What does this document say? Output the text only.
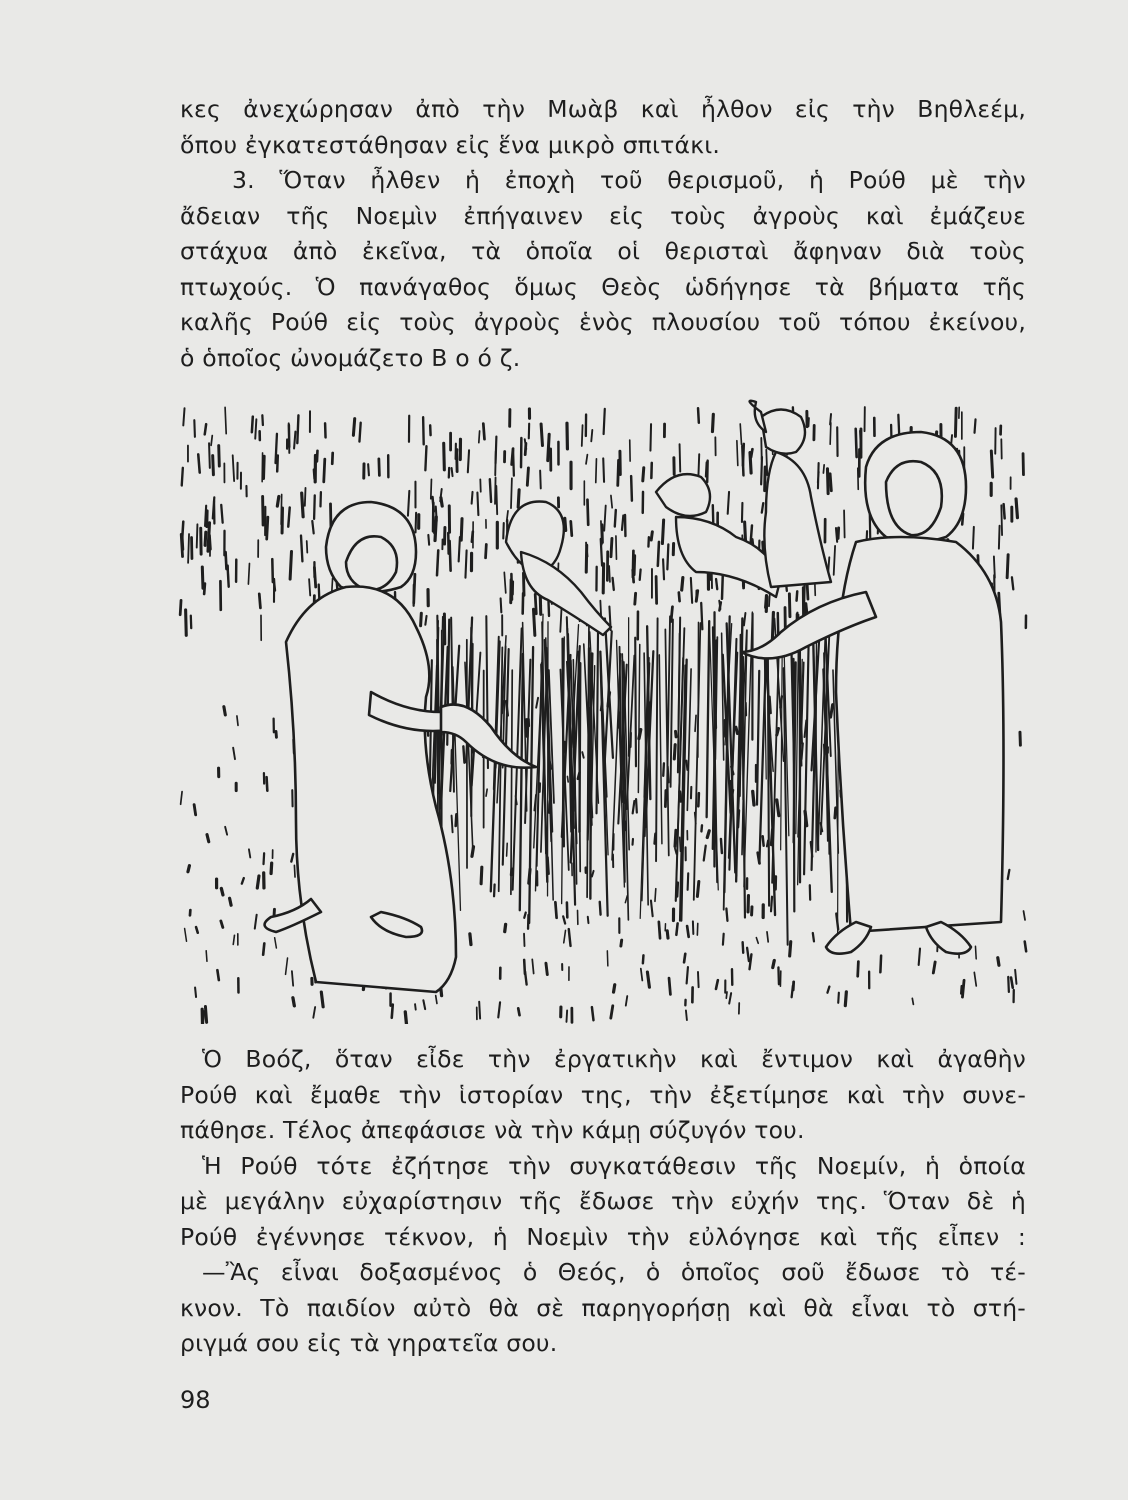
κες ἀνεχώρησαν ἀπὸ τὴν Μωὰβ καὶ ἦλθον εἰς τὴν Βηθλεέμ,
ὅπου ἐγκατεστάθησαν εἰς ἕνα μικρὸ σπιτάκι.
3. Ὅταν ἦλθεν ἡ ἐποχὴ τοῦ θερισμοῦ, ἡ Ρούθ μὲ τὴν
ἄδειαν τῆς Νοεμὶν ἐπήγαινεν εἰς τοὺς ἀγροὺς καὶ ἐμάζευε
στάχυα ἀπὸ ἐκεῖνα, τὰ ὁποῖα οἱ θερισταὶ ἄφηναν διὰ τοὺς
πτωχούς. Ὁ πανάγαθος ὅμως Θεὸς ὡδήγησε τὰ βήματα τῆς
καλῆς Ρούθ εἰς τοὺς ἀγροὺς ἑνὸς πλουσίου τοῦ τόπου ἐκείνου,
ὁ ὁποῖος ὠνομάζετο Β ο ό ζ.
Ὁ Βοόζ, ὅταν εἶδε τὴν ἐργατικὴν καὶ ἔντιμον καὶ ἀγαθὴν
Ρούθ καὶ ἔμαθε τὴν ἱστορίαν της, τὴν ἐξετίμησε καὶ τὴν συνε-
πάθησε. Τέλος ἀπεφάσισε νὰ τὴν κάμῃ σύζυγόν του.
Ἡ Ρούθ τότε ἐζήτησε τὴν συγκατάθεσιν τῆς Νοεμίν, ἡ ὁποία
μὲ μεγάλην εὐχαρίστησιν τῆς ἔδωσε τὴν εὐχήν της. Ὅταν δὲ ἡ
Ρούθ ἐγέννησε τέκνον, ἡ Νοεμὶν τὴν εὐλόγησε καὶ τῆς εἶπεν :
—Ἂς εἶναι δοξασμένος ὁ Θεός, ὁ ὁποῖος σοῦ ἔδωσε τὸ τέ-
κνον. Τὸ παιδίον αὐτὸ θὰ σὲ παρηγορήσῃ καὶ θὰ εἶναι τὸ στή-
ριγμά σου εἰς τὰ γηρατεῖα σου.
98
